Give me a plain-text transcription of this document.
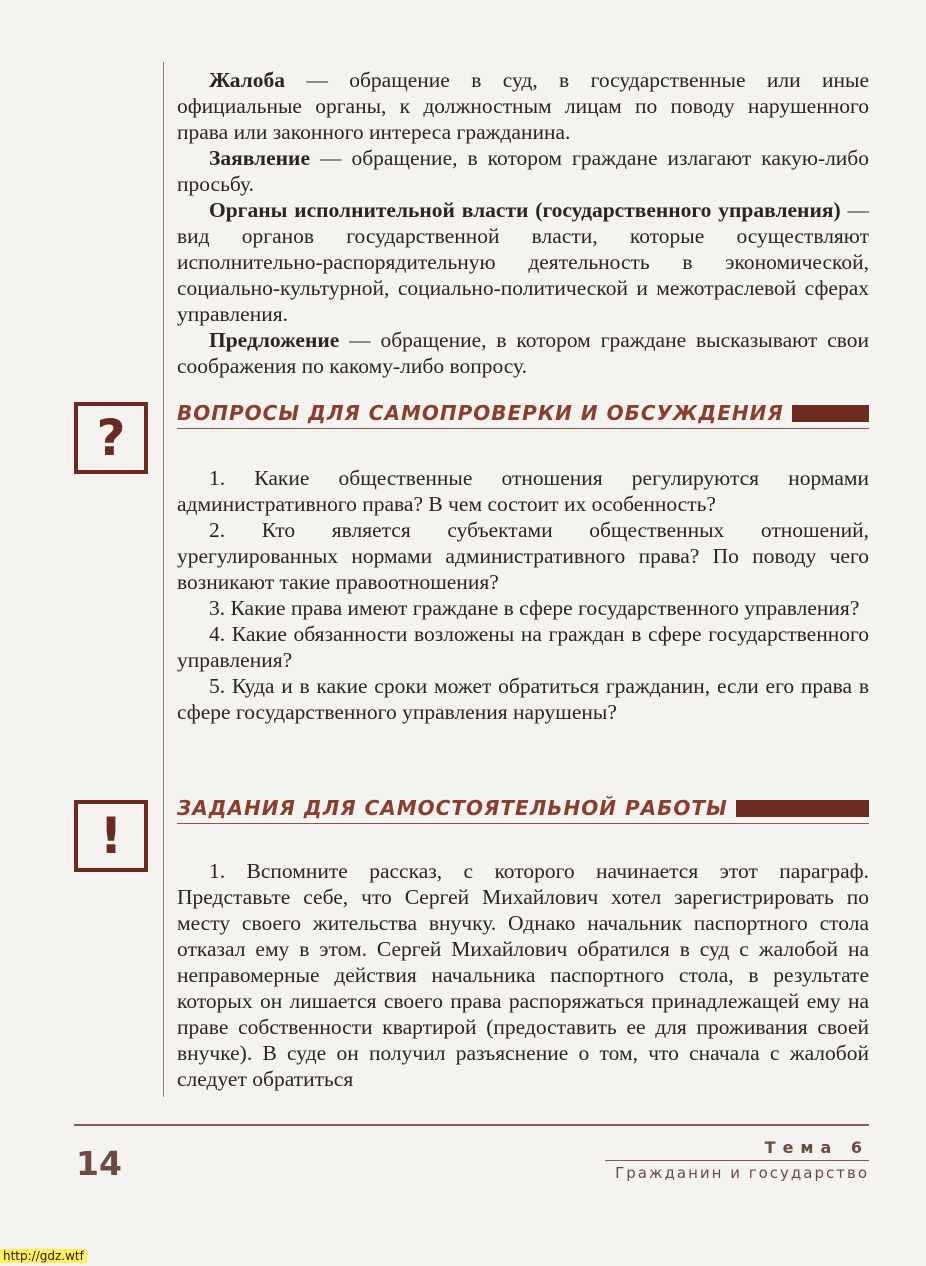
Жалоба — обращение в суд, в государственные или иные официальные органы, к должностным лицам по поводу нарушенного права или законного интереса гражданина.

Заявление — обращение, в котором граждане излагают какую-либо просьбу.

Органы исполнительной власти (государственного управления) — вид органов государственной власти, которые осуществляют исполнительно-распорядительную деятельность в экономической, социально-культурной, социально-политической и межотраслевой сферах управления.

Предложение — обращение, в котором граждане высказывают свои соображения по какому-либо вопросу.

?	ВОПРОСЫ ДЛЯ САМОПРОВЕРКИ И ОБСУЖДЕНИЯ

1. Какие общественные отношения регулируются нормами административного права? В чем состоит их особенность?

2. Кто является субъектами общественных отношений, урегулированных нормами административного права? По поводу чего возникают такие правоотношения?

3. Какие права имеют граждане в сфере государственного управления?

4. Какие обязанности возложены на граждан в сфере государственного управления?

5. Куда и в какие сроки может обратиться гражданин, если его права в сфере государственного управления нарушены?

!	ЗАДАНИЯ ДЛЯ САМОСТОЯТЕЛЬНОЙ РАБОТЫ

1. Вспомните рассказ, с которого начинается этот параграф. Представьте себе, что Сергей Михайлович хотел зарегистрировать по месту своего жительства внучку. Однако начальник паспортного стола отказал ему в этом. Сергей Михайлович обратился в суд с жалобой на неправомерные действия начальника паспортного стола, в результате которых он лишается своего права распоряжаться принадлежащей ему на праве собственности квартирой (предоставить ее для проживания своей внучке). В суде он получил разъяснение о том, что сначала с жалобой следует обратиться

14	Тема 6
Гражданин и государство
http://gdz.wtf
